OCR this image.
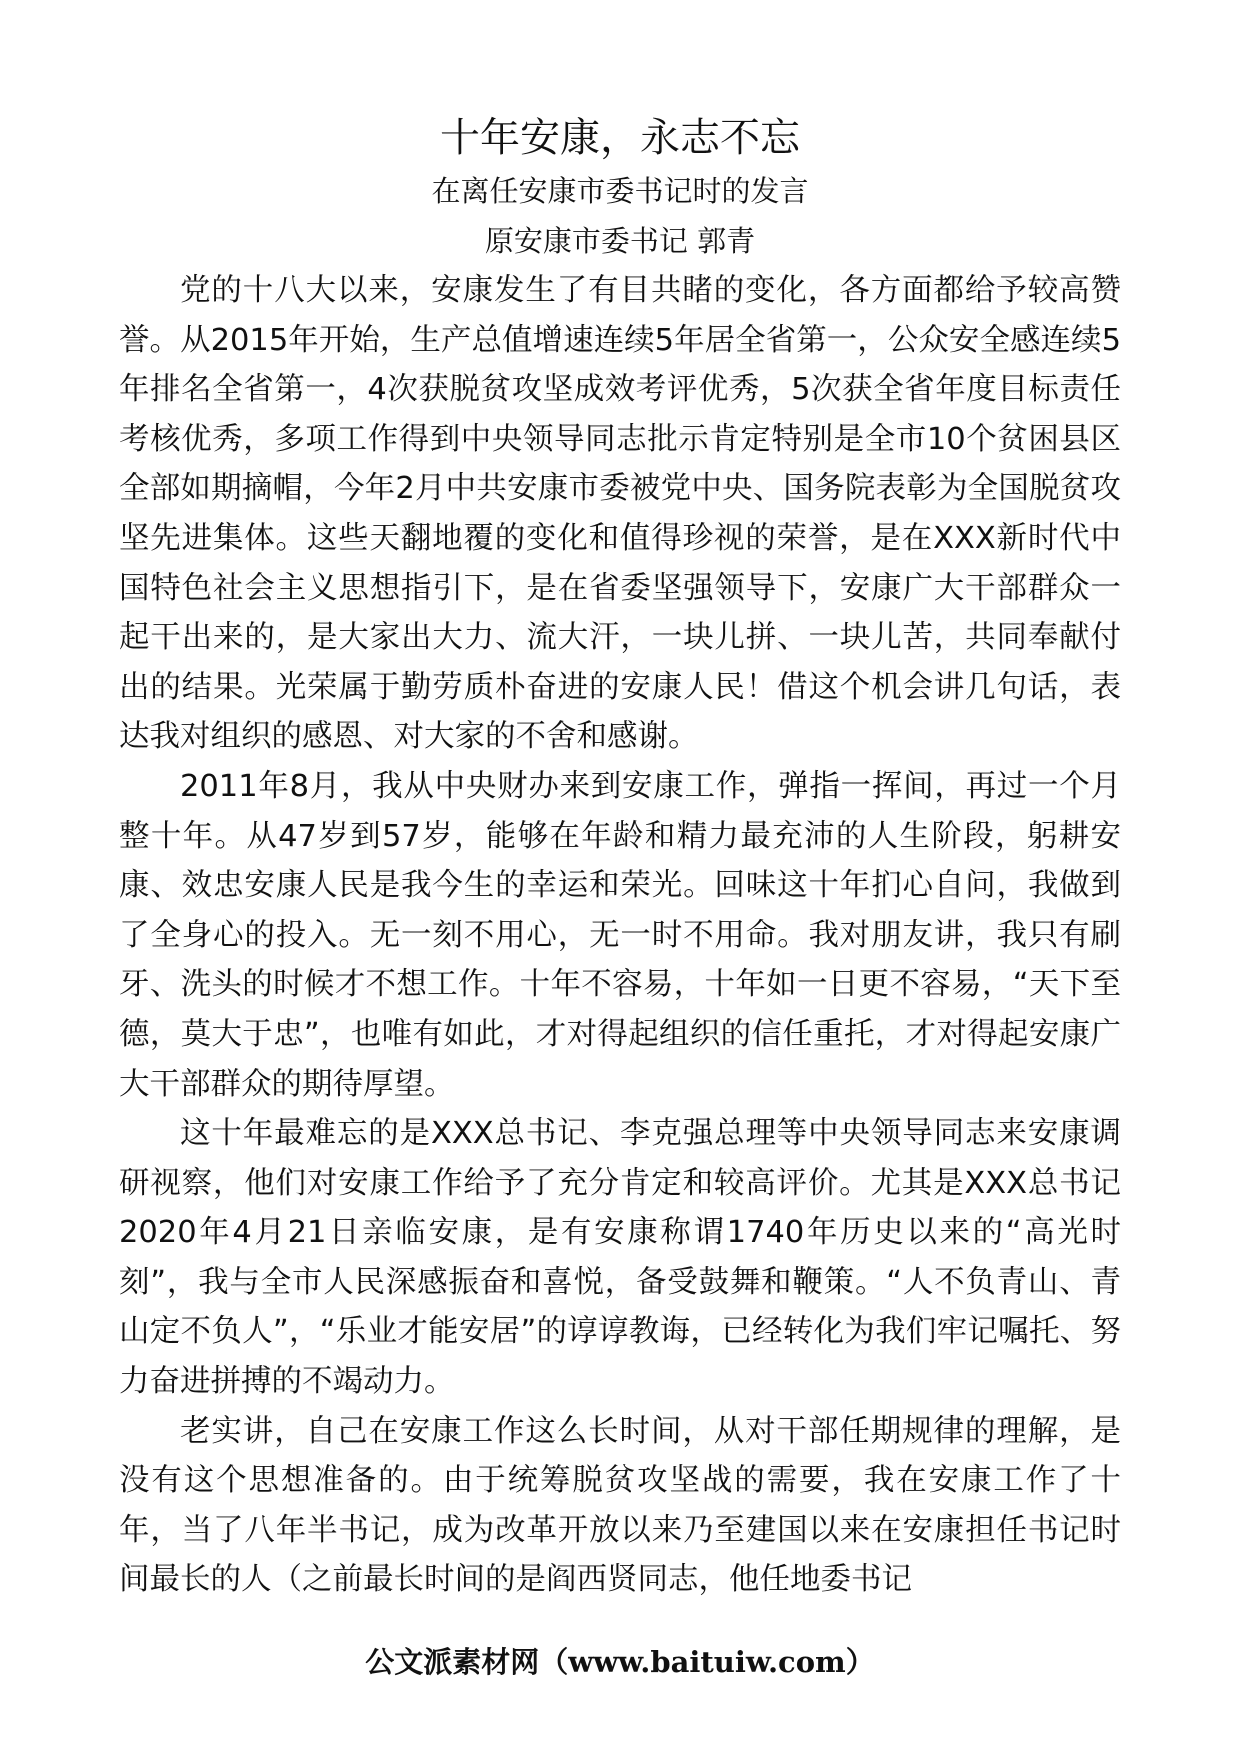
十年安康，永志不忘
在离任安康市委书记时的发言
原安康市委书记 郭青

党的十八大以来，安康发生了有目共睹的变化，各方面都给予较高赞誉。从2015年开始，生产总值增速连续5年居全省第一，公众安全感连续5年排名全省第一，4次获脱贫攻坚成效考评优秀，5次获全省年度目标责任考核优秀，多项工作得到中央领导同志批示肯定特别是全市10个贫困县区全部如期摘帽，今年2月中共安康市委被党中央、国务院表彰为全国脱贫攻坚先进集体。这些天翻地覆的变化和值得珍视的荣誉，是在XXX新时代中国特色社会主义思想指引下，是在省委坚强领导下，安康广大干部群众一起干出来的，是大家出大力、流大汗，一块儿拼、一块儿苦，共同奉献付出的结果。光荣属于勤劳质朴奋进的安康人民！借这个机会讲几句话，表达我对组织的感恩、对大家的不舍和感谢。

2011年8月，我从中央财办来到安康工作，弹指一挥间，再过一个月整十年。从47岁到57岁，能够在年龄和精力最充沛的人生阶段，躬耕安康、效忠安康人民是我今生的幸运和荣光。回味这十年扪心自问，我做到了全身心的投入。无一刻不用心，无一时不用命。我对朋友讲，我只有刷牙、洗头的时候才不想工作。十年不容易，十年如一日更不容易，“天下至德，莫大于忠”，也唯有如此，才对得起组织的信任重托，才对得起安康广大干部群众的期待厚望。

这十年最难忘的是XXX总书记、李克强总理等中央领导同志来安康调研视察，他们对安康工作给予了充分肯定和较高评价。尤其是XXX总书记2020年4月21日亲临安康，是有安康称谓1740年历史以来的“高光时刻”，我与全市人民深感振奋和喜悦，备受鼓舞和鞭策。“人不负青山、青山定不负人”，“乐业才能安居”的谆谆教诲，已经转化为我们牢记嘱托、努力奋进拼搏的不竭动力。

老实讲，自己在安康工作这么长时间，从对干部任期规律的理解，是没有这个思想准备的。由于统筹脱贫攻坚战的需要，我在安康工作了十年，当了八年半书记，成为改革开放以来乃至建国以来在安康担任书记时间最长的人（之前最长时间的是阎西贤同志，他任地委书记

公文派素材网（www.baituiw.com）
